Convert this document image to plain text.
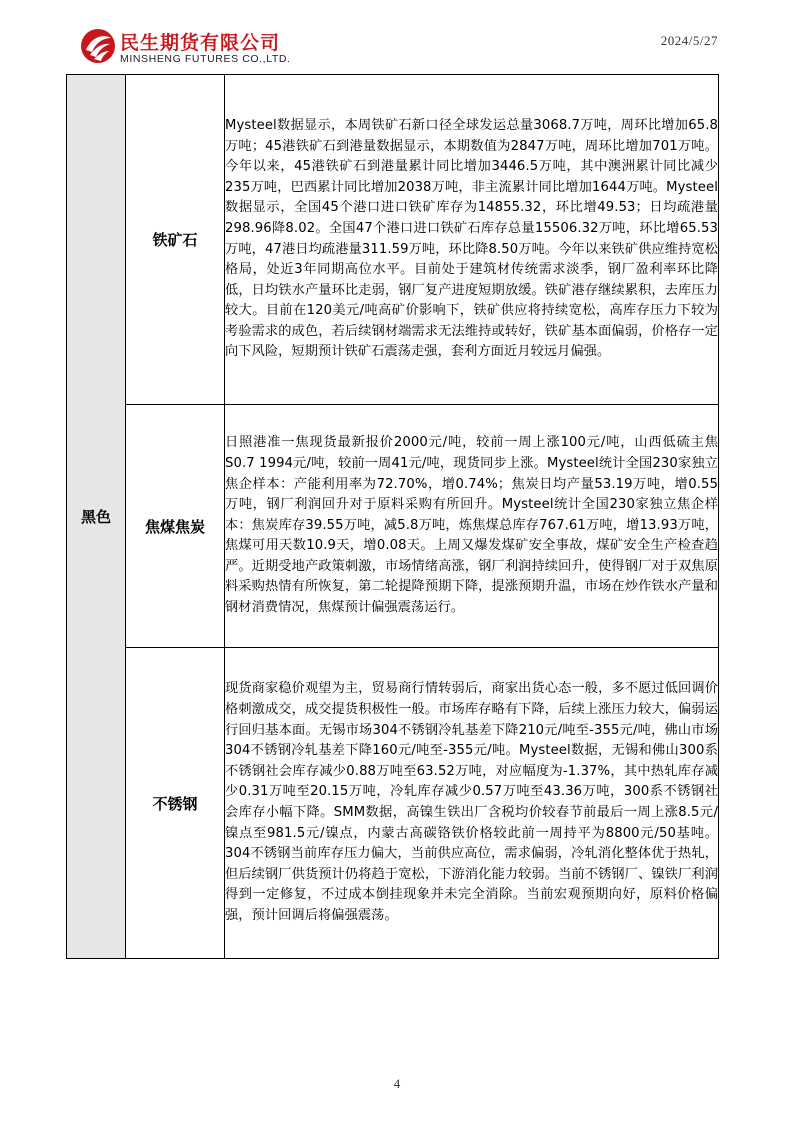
民生期货有限公司
MINSHENG FUTURES CO.,LTD.
2024/5/27
黑色	铁矿石	Mysteel数据显示，本周铁矿石新口径全球发运总量3068.7万吨，周环比增加65.8万吨；45港铁矿石到港量数据显示，本期数值为2847万吨，周环比增加701万吨。今年以来，45港铁矿石到港量累计同比增加3446.5万吨，其中澳洲累计同比减少235万吨，巴西累计同比增加2038万吨，非主流累计同比增加1644万吨。Mysteel数据显示，全国45个港口进口铁矿库存为14855.32，环比增49.53；日均疏港量298.96降8.02。全国47个港口进口铁矿石库存总量15506.32万吨，环比增65.53万吨，47港日均疏港量311.59万吨，环比降8.50万吨。今年以来铁矿供应维持宽松格局，处近3年同期高位水平。目前处于建筑材传统需求淡季，钢厂盈利率环比降低，日均铁水产量环比走弱，钢厂复产进度短期放缓。铁矿港存继续累积，去库压力较大。目前在120美元/吨高矿价影响下，铁矿供应将持续宽松，高库存压力下较为考验需求的成色，若后续钢材端需求无法维持或转好，铁矿基本面偏弱，价格存一定向下风险，短期预计铁矿石震荡走强，套利方面近月较远月偏强。
	焦煤焦炭	日照港准一焦现货最新报价2000元/吨，较前一周上涨100元/吨，山西低硫主焦S0.7 1994元/吨，较前一周41元/吨，现货同步上涨。Mysteel统计全国230家独立焦企样本：产能利用率为72.70%，增0.74%；焦炭日均产量53.19万吨，增0.55万吨，钢厂利润回升对于原料采购有所回升。Mysteel统计全国230家独立焦企样本：焦炭库存39.55万吨，减5.8万吨，炼焦煤总库存767.61万吨，增13.93万吨，焦煤可用天数10.9天，增0.08天。上周又爆发煤矿安全事故，煤矿安全生产检查趋严。近期受地产政策刺激，市场情绪高涨，钢厂利润持续回升，使得钢厂对于双焦原料采购热情有所恢复，第二轮提降预期下降，提涨预期升温，市场在炒作铁水产量和钢材消费情况，焦煤预计偏强震荡运行。
	不锈钢	现货商家稳价观望为主，贸易商行情转弱后，商家出货心态一般，多不愿过低回调价格刺激成交，成交提货积极性一般。市场库存略有下降，后续上涨压力较大，偏弱运行回归基本面。无锡市场304不锈钢冷轧基差下降210元/吨至-355元/吨，佛山市场304不锈钢冷轧基差下降160元/吨至-355元/吨。Mysteel数据，无锡和佛山300系不锈钢社会库存减少0.88万吨至63.52万吨，对应幅度为-1.37%，其中热轧库存减少0.31万吨至20.15万吨，冷轧库存减少0.57万吨至43.36万吨，300系不锈钢社会库存小幅下降。SMM数据，高镍生铁出厂含税均价较春节前最后一周上涨8.5元/镍点至981.5元/镍点，内蒙古高碳铬铁价格较此前一周持平为8800元/50基吨。304不锈钢当前库存压力偏大，当前供应高位，需求偏弱，冷轧消化整体优于热轧，但后续钢厂供货预计仍将趋于宽松，下游消化能力较弱。当前不锈钢厂、镍铁厂利润得到一定修复，不过成本倒挂现象并未完全消除。当前宏观预期向好，原料价格偏强，预计回调后将偏强震荡。
4
